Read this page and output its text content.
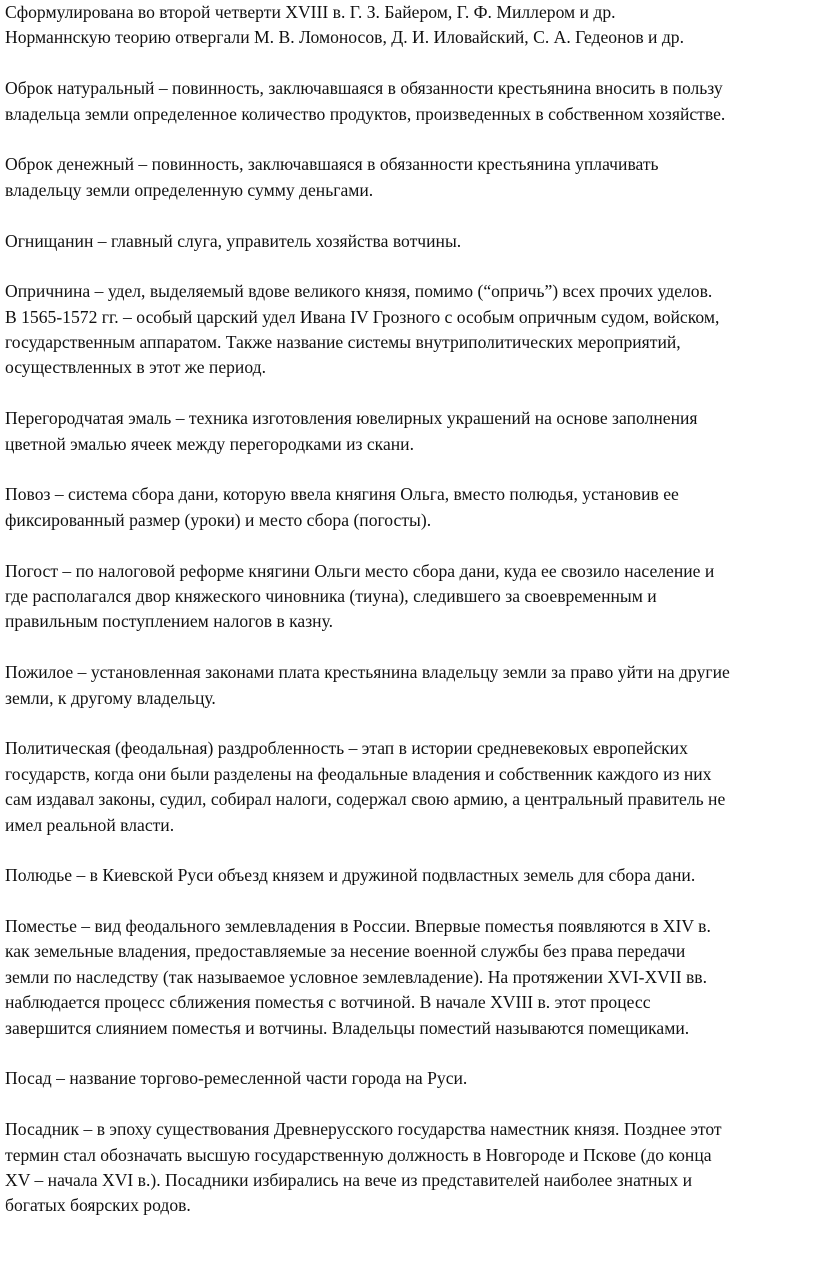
Сформулирована во второй четверти XVIII в. Г. З. Байером, Г. Ф. Миллером и др.
Норманнскую теорию отвергали М. В. Ломоносов, Д. И. Иловайский, С. А. Гедеонов и др.

Оброк натуральный – повинность, заключавшаяся в обязанности крестьянина вносить в пользу
владельца земли определенное количество продуктов, произведенных в собственном хозяйстве.

Оброк денежный – повинность, заключавшаяся в обязанности крестьянина уплачивать
владельцу земли определенную сумму деньгами.

Огнищанин – главный слуга, управитель хозяйства вотчины.

Опричнина – удел, выделяемый вдове великого князя, помимо (“опричь”) всех прочих уделов.
В 1565-1572 гг. – особый царский удел Ивана IV Грозного с особым опричным судом, войском,
государственным аппаратом. Также название системы внутриполитических мероприятий,
осуществленных в этот же период.

Перегородчатая эмаль – техника изготовления ювелирных украшений на основе заполнения
цветной эмалью ячеек между перегородками из скани.

Повоз – система сбора дани, которую ввела княгиня Ольга, вместо полюдья, установив ее
фиксированный размер (уроки) и место сбора (погосты).

Погост – по налоговой реформе княгини Ольги место сбора дани, куда ее свозило население и
где располагался двор княжеского чиновника (тиуна), следившего за своевременным и
правильным поступлением налогов в казну.

Пожилое – установленная законами плата крестьянина владельцу земли за право уйти на другие
земли, к другому владельцу.

Политическая (феодальная) раздробленность – этап в истории средневековых европейских
государств, когда они были разделены на феодальные владения и собственник каждого из них
сам издавал законы, судил, собирал налоги, содержал свою армию, а центральный правитель не
имел реальной власти.

Полюдье – в Киевской Руси объезд князем и дружиной подвластных земель для сбора дани.

Поместье – вид феодального землевладения в России. Впервые поместья появляются в XIV в.
как земельные владения, предоставляемые за несение военной службы без права передачи
земли по наследству (так называемое условное землевладение). На протяжении XVI-XVII вв.
наблюдается процесс сближения поместья с вотчиной. В начале XVIII в. этот процесс
завершится слиянием поместья и вотчины. Владельцы поместий называются помещиками.

Посад – название торгово-ремесленной части города на Руси.

Посадник – в эпоху существования Древнерусского государства наместник князя. Позднее этот
термин стал обозначать высшую государственную должность в Новгороде и Пскове (до конца
XV – начала XVI в.). Посадники избирались на вече из представителей наиболее знатных и
богатых боярских родов.
